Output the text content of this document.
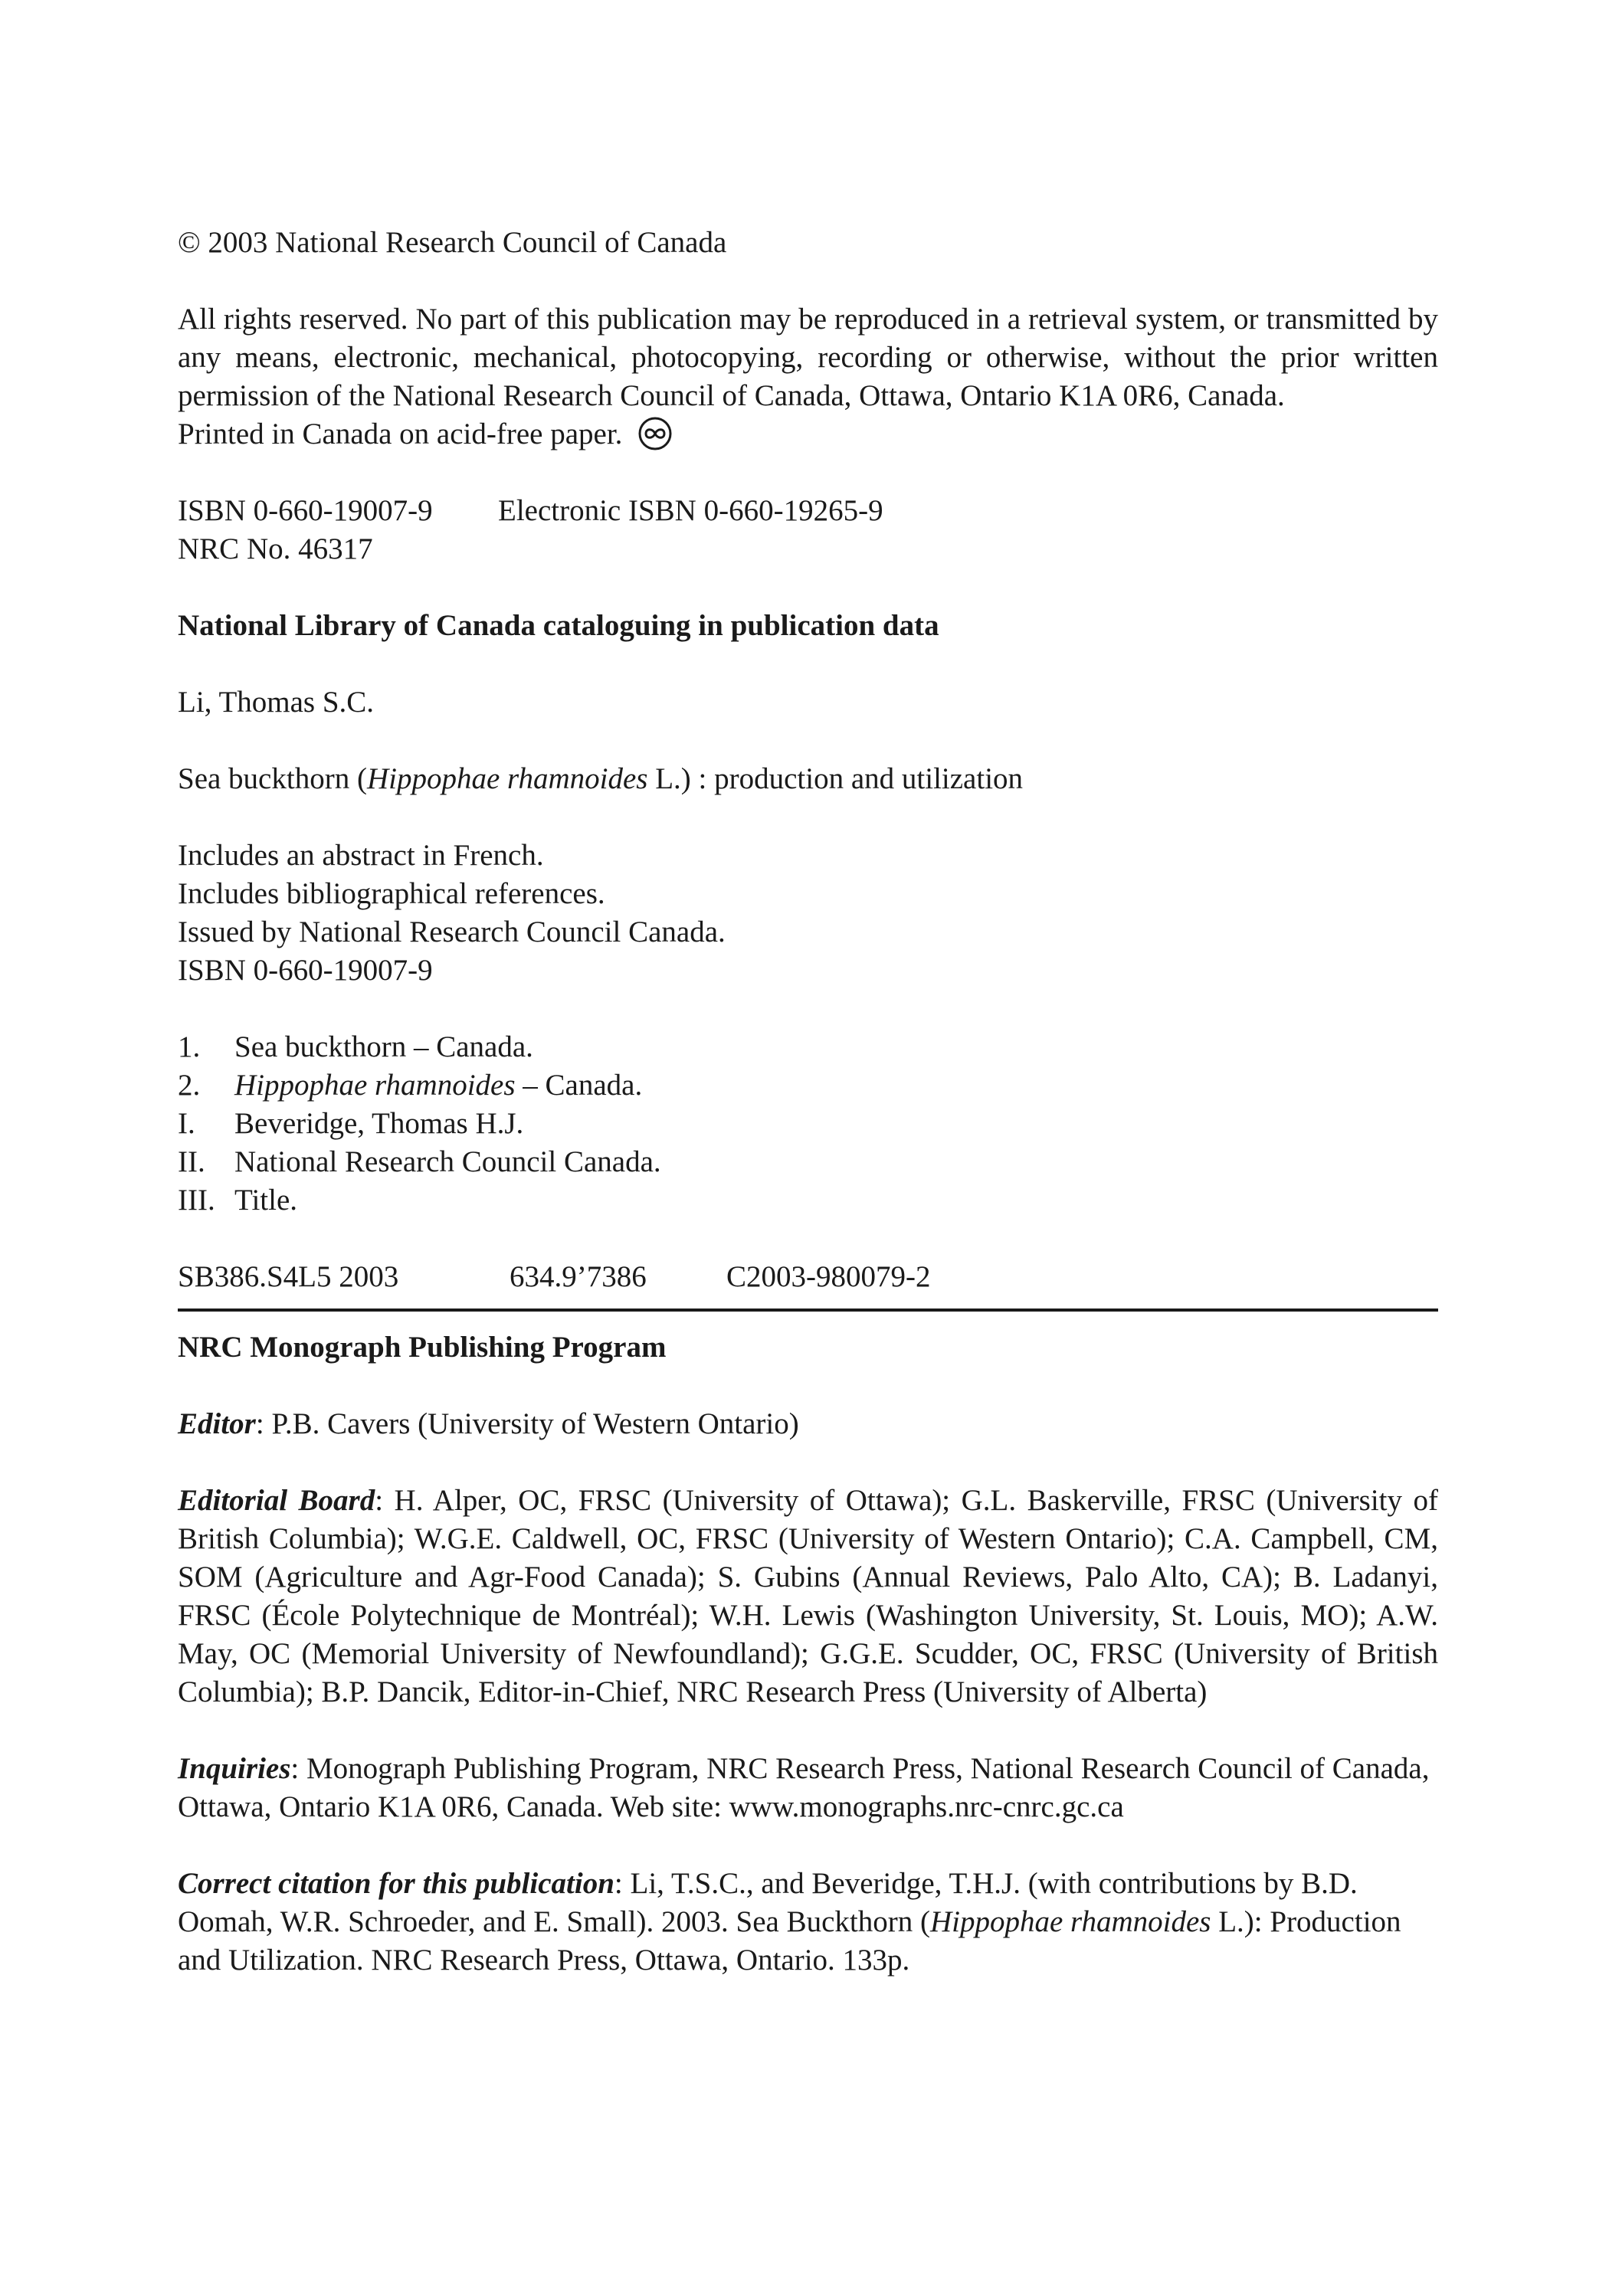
© 2003 National Research Council of Canada

All rights reserved. No part of this publication may be reproduced in a retrieval system, or transmitted by any means, electronic, mechanical, photocopying, recording or otherwise, without the prior written permission of the National Research Council of Canada, Ottawa, Ontario K1A 0R6, Canada.
Printed in Canada on acid-free paper.

ISBN 0-660-19007-9 Electronic ISBN 0-660-19265-9

NRC No. 46317

National Library of Canada cataloguing in publication data

Li, Thomas S.C.

Sea buckthorn (Hippophae rhamnoides L.) : production and utilization

Includes an abstract in French.

Includes bibliographical references.

Issued by National Research Council Canada.

ISBN 0-660-19007-9

1.	Sea buckthorn – Canada.
2.	Hippophae rhamnoides – Canada.
I.	Beveridge, Thomas H.J.
II. National Research Council Canada.
III. Title.

SB386.S4L5 2003	634.9’7386	C2003-980079-2

NRC Monograph Publishing Program

Editor: P.B. Cavers (University of Western Ontario)

Editorial Board: H. Alper, OC, FRSC (University of Ottawa); G.L. Baskerville, FRSC (University of British Columbia); W.G.E. Caldwell, OC, FRSC (University of Western Ontario); C.A. Campbell, CM, SOM (Agriculture and Agr-Food Canada); S. Gubins (Annual Reviews, Palo Alto, CA); B. Ladanyi, FRSC (École Polytechnique de Montréal); W.H. Lewis (Washington University, St. Louis, MO); A.W. May, OC (Memorial University of Newfoundland); G.G.E. Scudder, OC, FRSC (University of British Columbia); B.P. Dancik, Editor-in-Chief, NRC Research Press (University of Alberta)

Inquiries: Monograph Publishing Program, NRC Research Press, National Research Council of Canada, Ottawa, Ontario K1A 0R6, Canada. Web site: www.monographs.nrc-cnrc.gc.ca

Correct citation for this publication: Li, T.S.C., and Beveridge, T.H.J. (with contributions by B.D. Oomah, W.R. Schroeder, and E. Small). 2003. Sea Buckthorn (Hippophae rhamnoides L.): Production and Utilization. NRC Research Press, Ottawa, Ontario. 133p.
